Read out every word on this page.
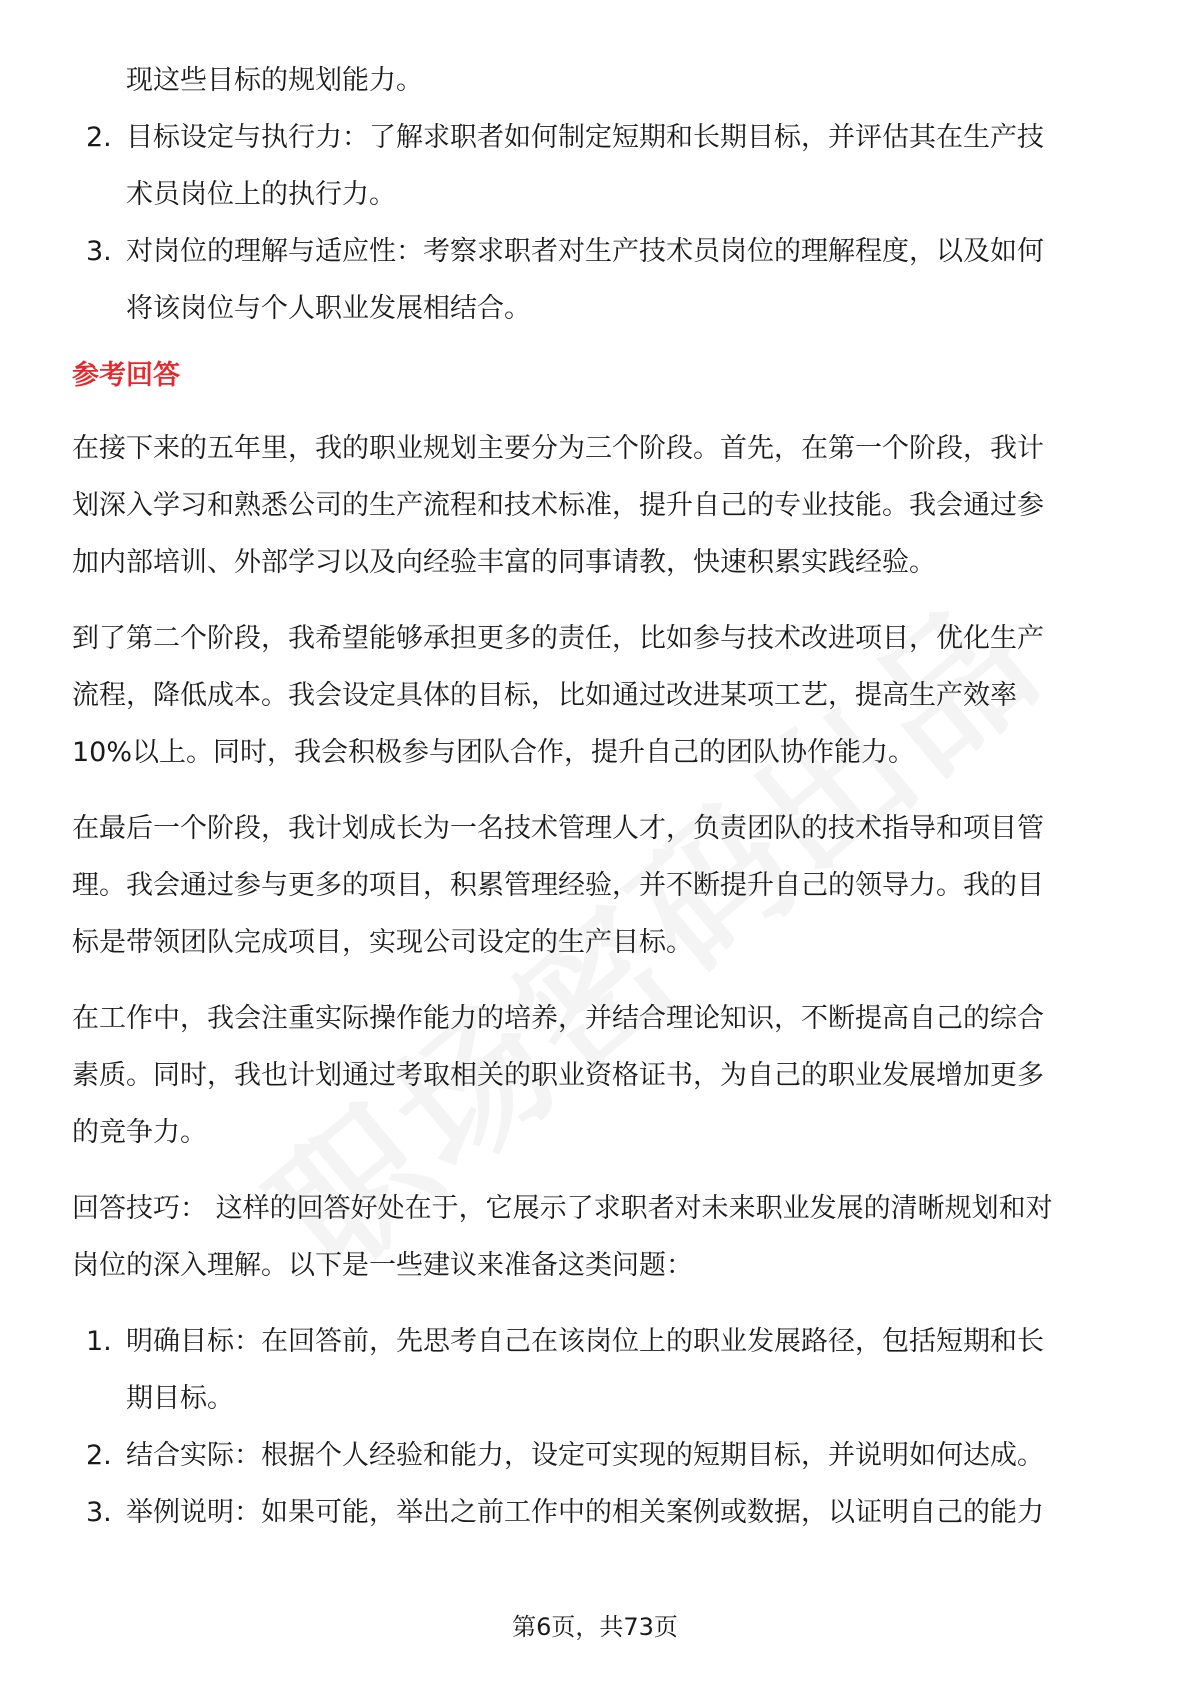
现这些目标的规划能力。
2. 目标设定与执行力：了解求职者如何制定短期和长期目标，并评估其在生产技
术员岗位上的执行力。
3. 对岗位的理解与适应性：考察求职者对生产技术员岗位的理解程度，以及如何
将该岗位与个人职业发展相结合。
参考回答
在接下来的五年里，我的职业规划主要分为三个阶段。首先，在第一个阶段，我计
划深入学习和熟悉公司的生产流程和技术标准，提升自己的专业技能。我会通过参
加内部培训、外部学习以及向经验丰富的同事请教，快速积累实践经验。
到了第二个阶段，我希望能够承担更多的责任，比如参与技术改进项目，优化生产
流程，降低成本。我会设定具体的目标，比如通过改进某项工艺，提高生产效率
10%以上。同时，我会积极参与团队合作，提升自己的团队协作能力。
在最后一个阶段，我计划成长为一名技术管理人才，负责团队的技术指导和项目管
理。我会通过参与更多的项目，积累管理经验，并不断提升自己的领导力。我的目
标是带领团队完成项目，实现公司设定的生产目标。
在工作中，我会注重实际操作能力的培养，并结合理论知识，不断提高自己的综合
素质。同时，我也计划通过考取相关的职业资格证书，为自己的职业发展增加更多
的竞争力。
回答技巧： 这样的回答好处在于，它展示了求职者对未来职业发展的清晰规划和对
岗位的深入理解。以下是一些建议来准备这类问题：
1. 明确目标：在回答前，先思考自己在该岗位上的职业发展路径，包括短期和长
期目标。
2. 结合实际：根据个人经验和能力，设定可实现的短期目标，并说明如何达成。
3. 举例说明：如果可能，举出之前工作中的相关案例或数据，以证明自己的能力
第6页，共73页
